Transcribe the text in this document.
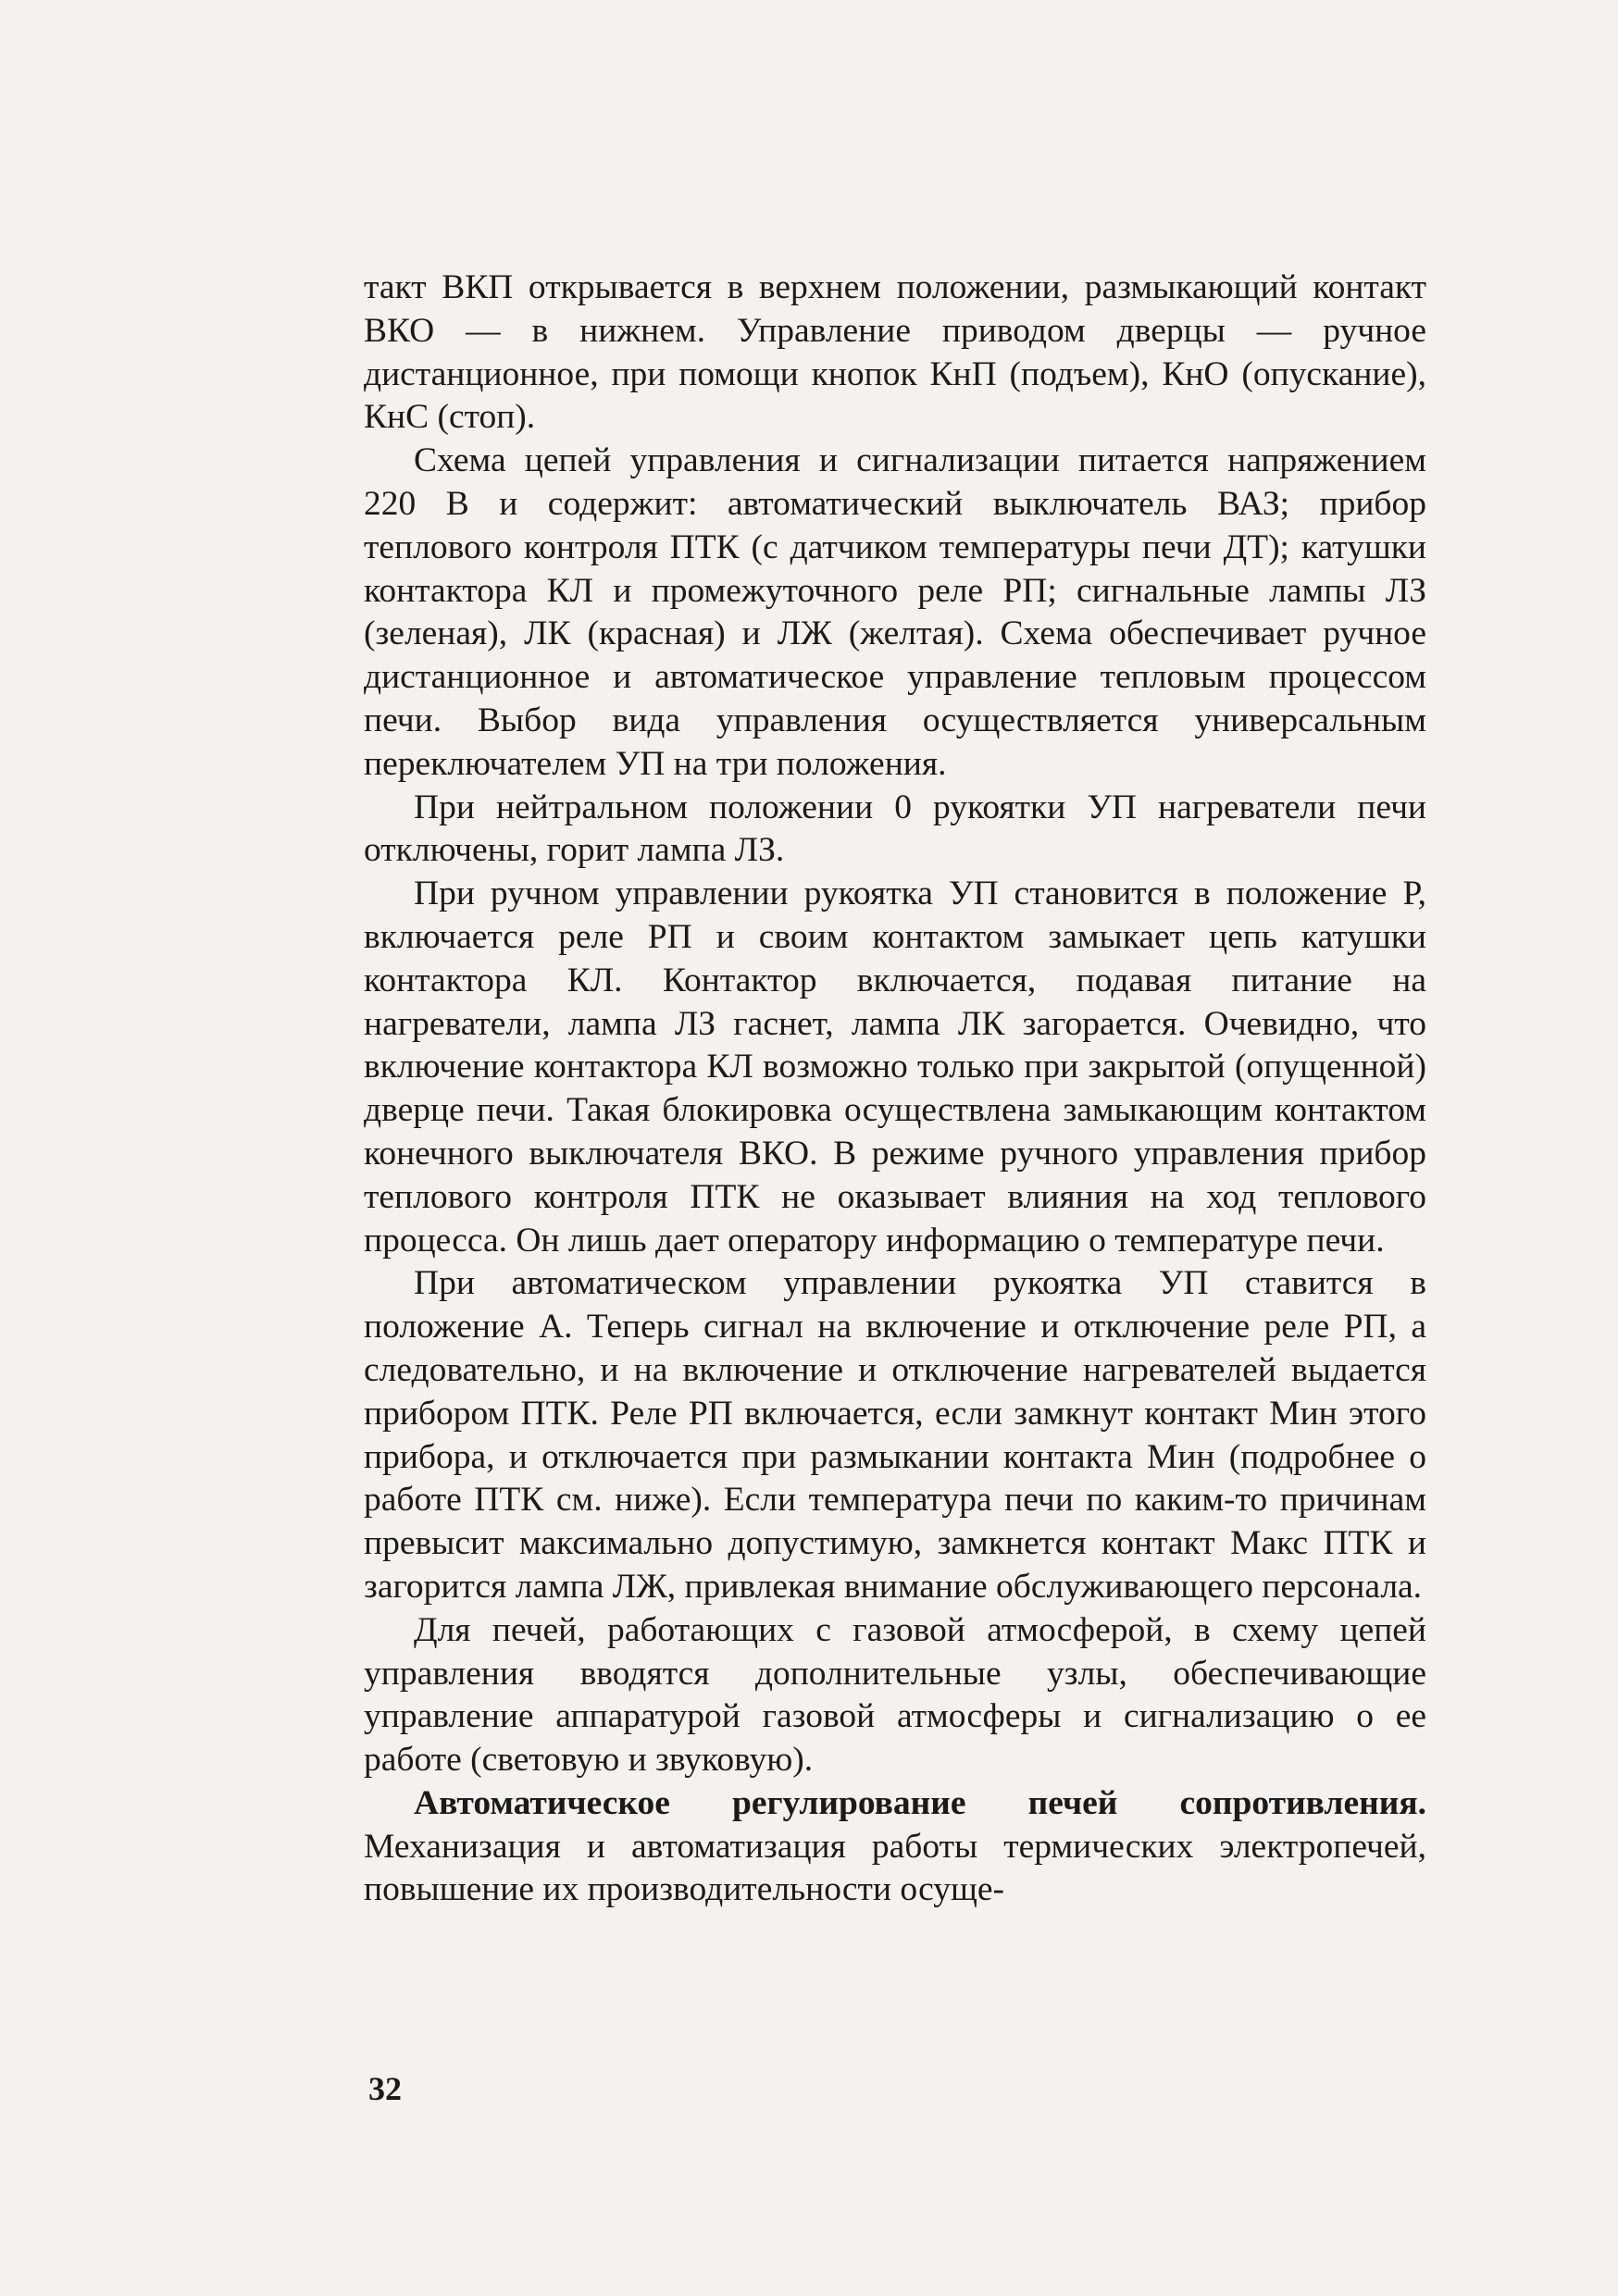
такт ВКП открывается в верхнем положении, размыкающий контакт ВКО — в нижнем. Управление приводом дверцы — ручное дистанционное, при помощи кнопок КнП (подъем), КнО (опускание), КнС (стоп).

Схема цепей управления и сигнализации питается напряжением 220 В и содержит: автоматический выключатель ВАЗ; прибор теплового контроля ПТК (с датчиком температуры печи ДТ); катушки контактора КЛ и промежуточного реле РП; сигнальные лампы ЛЗ (зеленая), ЛК (красная) и ЛЖ (желтая). Схема обеспечивает ручное дистанционное и автоматическое управление тепловым процессом печи. Выбор вида управления осуществляется универсальным переключателем УП на три положения.

При нейтральном положении 0 рукоятки УП нагреватели печи отключены, горит лампа ЛЗ.

При ручном управлении рукоятка УП становится в положение Р, включается реле РП и своим контактом замыкает цепь катушки контактора КЛ. Контактор включается, подавая питание на нагреватели, лампа ЛЗ гаснет, лампа ЛК загорается. Очевидно, что включение контактора КЛ возможно только при закрытой (опущенной) дверце печи. Такая блокировка осуществлена замыкающим контактом конечного выключателя ВКО. В режиме ручного управления прибор теплового контроля ПТК не оказывает влияния на ход теплового процесса. Он лишь дает оператору информацию о температуре печи.

При автоматическом управлении рукоятка УП ставится в положение А. Теперь сигнал на включение и отключение реле РП, а следовательно, и на включение и отключение нагревателей выдается прибором ПТК. Реле РП включается, если замкнут контакт Мин этого прибора, и отключается при размыкании контакта Мин (подробнее о работе ПТК см. ниже). Если температура печи по каким-то причинам превысит максимально допустимую, замкнется контакт Макс ПТК и загорится лампа ЛЖ, привлекая внимание обслуживающего персонала.

Для печей, работающих с газовой атмосферой, в схему цепей управления вводятся дополнительные узлы, обеспечивающие управление аппаратурой газовой атмосферы и сигнализацию о ее работе (световую и звуковую).

Автоматическое регулирование печей сопротивления. Механизация и автоматизация работы термических электропечей, повышение их производительности осуще-

32
